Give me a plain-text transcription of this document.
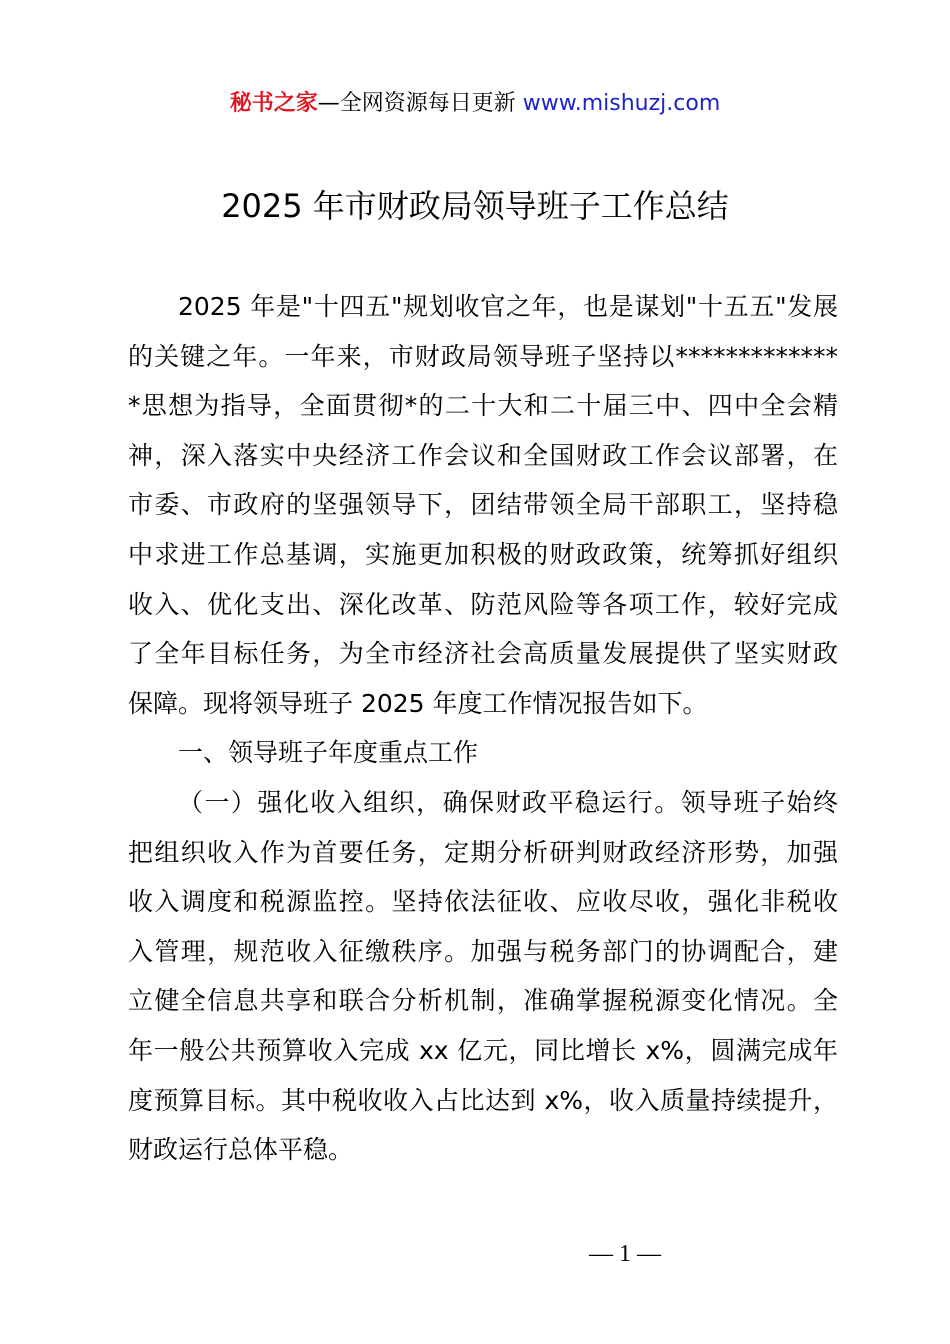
秘书之家—全网资源每日更新 www.mishuzj.com
2025 年市财政局领导班子工作总结
2025 年是"十四五"规划收官之年，也是谋划"十五五"发展
的关键之年。一年来，市财政局领导班子坚持以*************
*思想为指导，全面贯彻*的二十大和二十届三中、四中全会精
神，深入落实中央经济工作会议和全国财政工作会议部署，在
市委、市政府的坚强领导下，团结带领全局干部职工，坚持稳
中求进工作总基调，实施更加积极的财政政策，统筹抓好组织
收入、优化支出、深化改革、防范风险等各项工作，较好完成
了全年目标任务，为全市经济社会高质量发展提供了坚实财政
保障。现将领导班子 2025 年度工作情况报告如下。
一、领导班子年度重点工作
（一）强化收入组织，确保财政平稳运行。领导班子始终
把组织收入作为首要任务，定期分析研判财政经济形势，加强
收入调度和税源监控。坚持依法征收、应收尽收，强化非税收
入管理，规范收入征缴秩序。加强与税务部门的协调配合，建
立健全信息共享和联合分析机制，准确掌握税源变化情况。全
年一般公共预算收入完成 xx 亿元，同比增长 x%，圆满完成年
度预算目标。其中税收收入占比达到 x%，收入质量持续提升，
财政运行总体平稳。
— 1 —
